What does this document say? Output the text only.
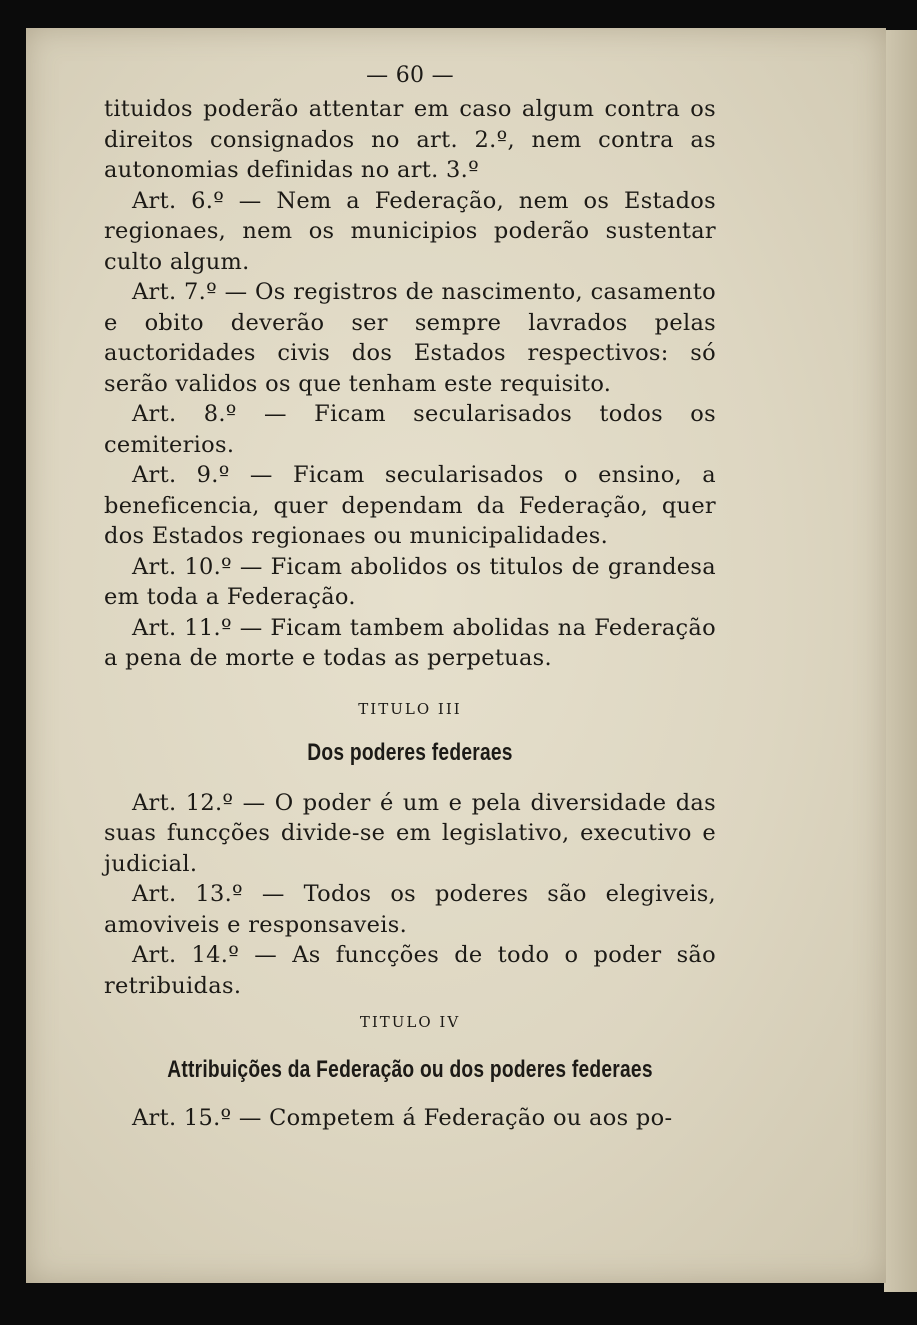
— 60 —

tituidos poderão attentar em caso algum contra os direitos consignados no art. 2.º, nem contra as autonomias definidas no art. 3.º

Art. 6.º — Nem a Federação, nem os Estados regionaes, nem os municipios poderão sustentar culto algum.

Art. 7.º — Os registros de nascimento, casamento e obito deverão ser sempre lavrados pelas auctoridades civis dos Estados respectivos: só serão validos os que tenham este requisito.

Art. 8.º — Ficam secularisados todos os cemiterios.

Art. 9.º — Ficam secularisados o ensino, a beneficencia, quer dependam da Federação, quer dos Estados regionaes ou municipalidades.

Art. 10.º — Ficam abolidos os titulos de grandesa em toda a Federação.

Art. 11.º — Ficam tambem abolidas na Federação a pena de morte e todas as perpetuas.

TITULO III
Dos poderes federaes

Art. 12.º — O poder é um e pela diversidade das suas funcções divide-se em legislativo, executivo e judicial.

Art. 13.º — Todos os poderes são elegiveis, amoviveis e responsaveis.

Art. 14.º — As funcções de todo o poder são retribuidas.

TITULO IV
Attribuições da Federação ou dos poderes federaes

Art. 15.º — Competem á Federação ou aos po-
